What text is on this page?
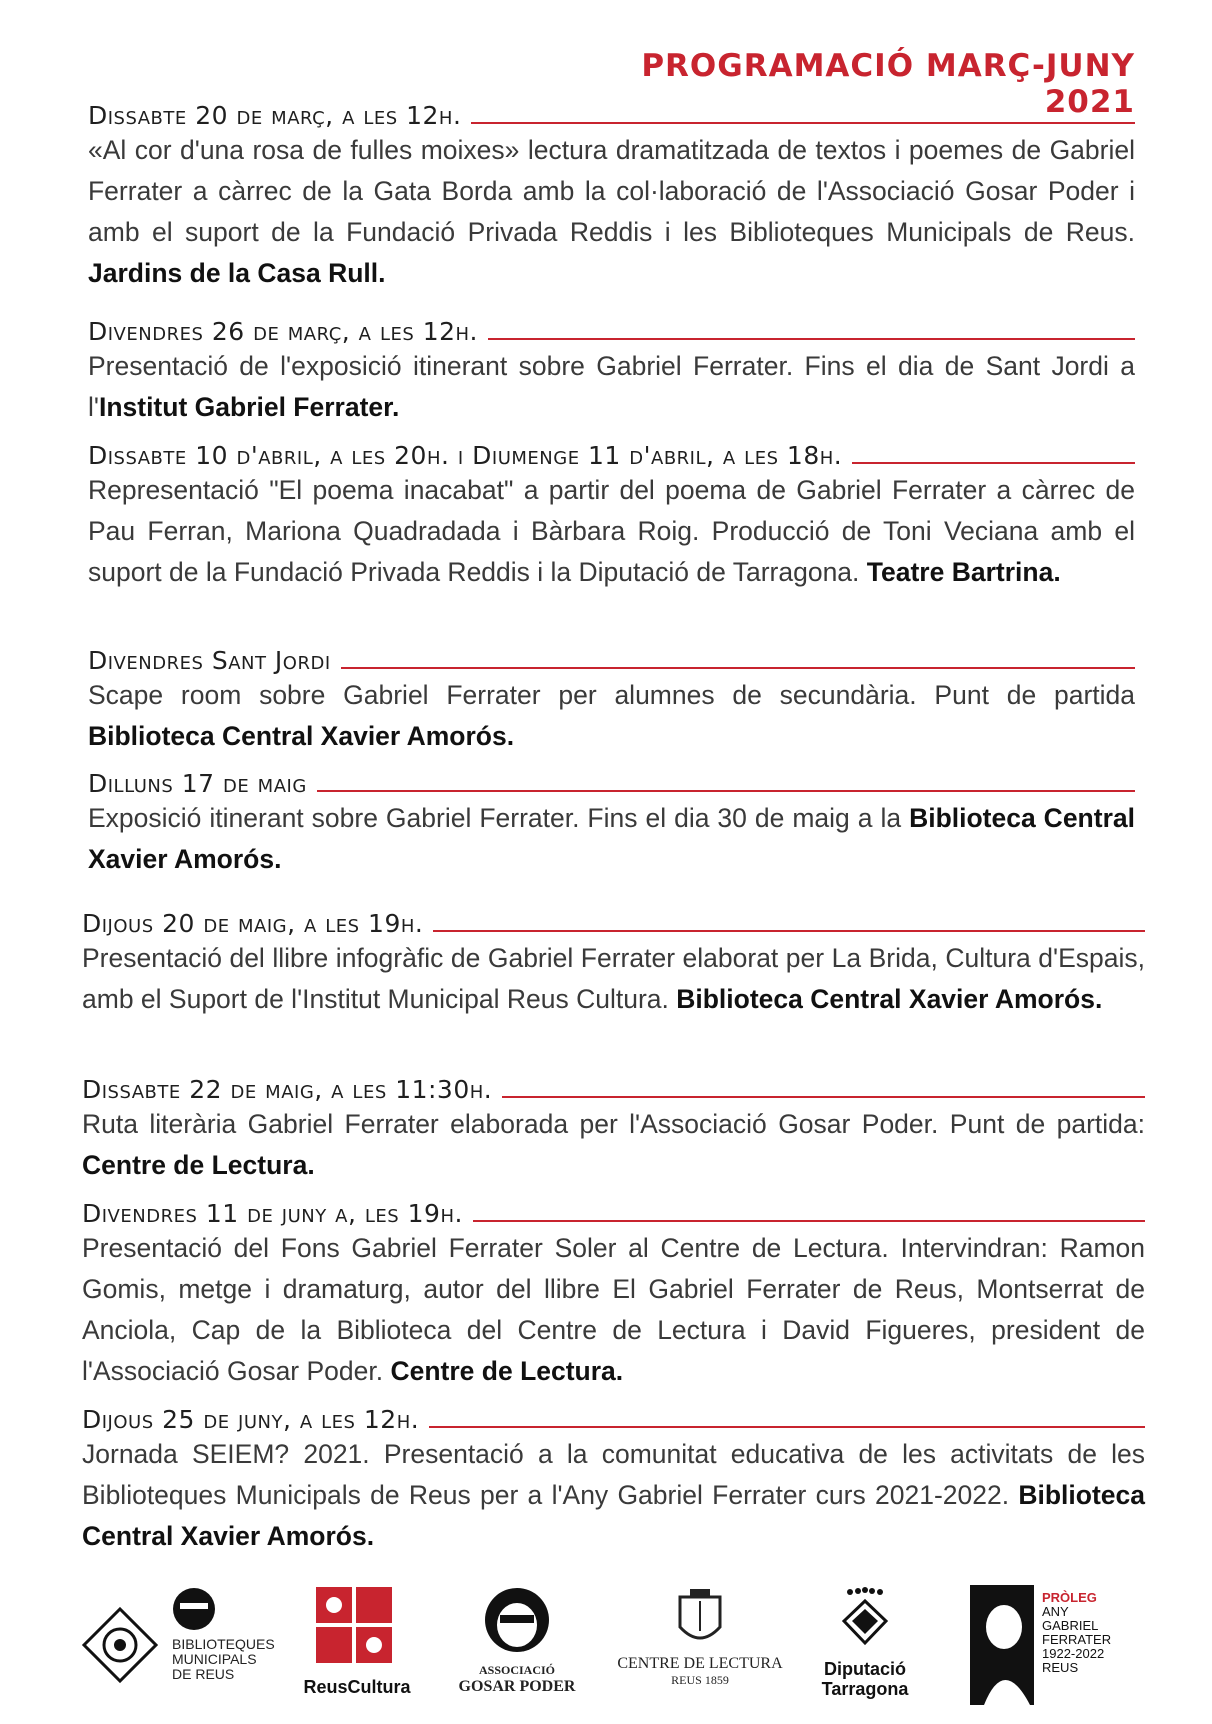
PROGRAMACIÓ MARÇ-JUNY 2021
Dissabte 20 de març, a les 12h.
«Al cor d'una rosa de fulles moixes» lectura dramatitzada de textos i poemes de Gabriel Ferrater a càrrec de la Gata Borda amb la col·laboració de l'Associació Gosar Poder i amb el suport de la Fundació Privada Reddis i les Biblioteques Municipals de Reus. Jardins de la Casa Rull.
Divendres 26 de març, a les 12h.
Presentació de l'exposició itinerant sobre Gabriel Ferrater. Fins el dia de Sant Jordi a l'Institut Gabriel Ferrater.
Dissabte 10 d'abril, a les 20h. i Diumenge 11 d'abril, a les 18h.
Representació "El poema inacabat" a partir del poema de Gabriel Ferrater a càrrec de Pau Ferran, Mariona Quadradada i Bàrbara Roig. Producció de Toni Veciana amb el suport de la Fundació Privada Reddis i la Diputació de Tarragona. Teatre Bartrina.
Divendres Sant Jordi
Scape room sobre Gabriel Ferrater per alumnes de secundària. Punt de partida Biblioteca Central Xavier Amorós.
Dilluns 17 de maig
Exposició itinerant sobre Gabriel Ferrater. Fins el dia 30 de maig a la Biblioteca Central Xavier Amorós.
Dijous 20 de maig, a les 19h.
Presentació del llibre infogràfic de Gabriel Ferrater elaborat per La Brida, Cultura d'Espais, amb el Suport de l'Institut Municipal Reus Cultura. Biblioteca Central Xavier Amorós.
Dissabte 22 de maig, a les 11:30h.
Ruta literària Gabriel Ferrater elaborada per l'Associació Gosar Poder. Punt de partida: Centre de Lectura.
Divendres 11 de juny a, les 19h.
Presentació del Fons Gabriel Ferrater Soler al Centre de Lectura. Intervindran: Ramon Gomis, metge i dramaturg, autor del llibre El Gabriel Ferrater de Reus, Montserrat de Anciola, Cap de la Biblioteca del Centre de Lectura i David Figueres, president de l'Associació Gosar Poder. Centre de Lectura.
Dijous 25 de juny, a les 12h.
Jornada SEIEM? 2021. Presentació a la comunitat educativa de les activitats de les Biblioteques Municipals de Reus per a l'Any Gabriel Ferrater curs 2021-2022. Biblioteca Central Xavier Amorós.
BIBLIOTEQUES
MUNICIPALS
DE REUS
ReusCultura
ASSOCIACIÓ
GOSAR PODER
CENTRE DE LECTURA
REUS 1859
Diputació
Tarragona
PRÒLEG
ANY
GABRIEL
FERRATER
1922-2022
REUS
